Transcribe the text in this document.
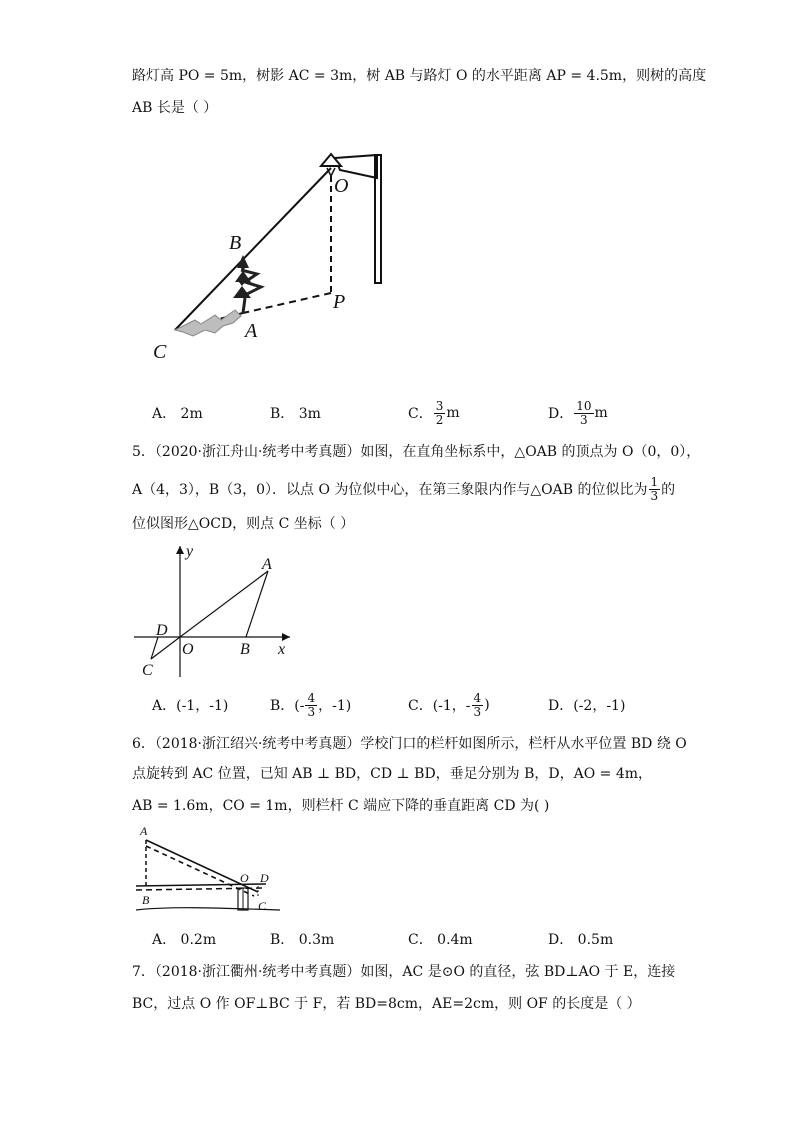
路灯高 PO = 5m，树影 AC = 3m，树 AB 与路灯 O 的水平距离 AP = 4.5m，则树的高度
AB 长是（ ）
O
B
P
A
C
A． 2m	B． 3m	C． $\frac{3}{2}$ m	D． $\frac{10}{3}$ m
5．（2020·浙江舟山·统考中考真题）如图，在直角坐标系中，△OAB 的顶点为 O（0，0），
A（4，3），B（3，0）．以点 O 为位似中心，在第三象限内作与△OAB 的位似比为 $\frac{1}{3}$ 的
位似图形△OCD，则点 C 坐标（ ）
y
A
D
O	B x
C
A．(-1，-1)	B．(- $\frac{4}{3}$ ，-1)	C．(-1，- $\frac{4}{3}$ )	D．(-2，-1)
6．（2018·浙江绍兴·统考中考真题）学校门口的栏杆如图所示，栏杆从水平位置 BD 绕 O
点旋转到 AC 位置，已知 AB ⊥ BD，CD ⊥ BD，垂足分别为 B，D，AO = 4m，
AB = 1.6m，CO = 1m，则栏杆 C 端应下降的垂直距离 CD 为( )
A
O D
B	C
A． 0.2m	B． 0.3m	C． 0.4m	D． 0.5m
7．（2018·浙江衢州·统考中考真题）如图，AC 是⊙O 的直径，弦 BD⊥AO 于 E，连接
BC，过点 O 作 OF⊥BC 于 F，若 BD=8cm，AE=2cm，则 OF 的长度是（ ）
